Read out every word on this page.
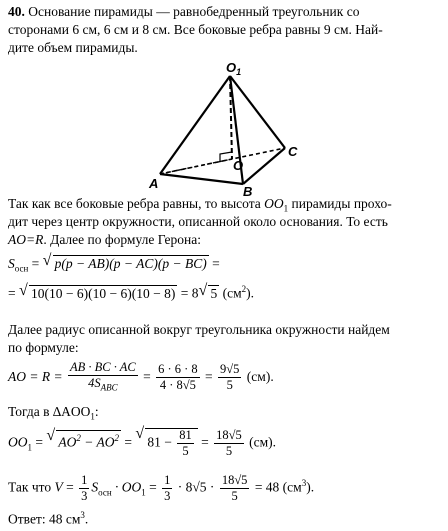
40. Основание пирамиды — равнобедренный треугольник со
сторонами 6 см, 6 см и 8 см. Все боковые ребра равны 9 см. Най-
дите объем пирамиды.
$O_1$
O
A
B
C
Так как все боковые ребра равны, то высота $OO_1$ пирамиды прохо-
дит через центр окружности, описанной около основания. То есть
AO=R. Далее по формуле Герона:
$S_{осн}$ = √ p(p − AB)(p − AC)(p − BC) =
= √ 10(10 − 6)(10 − 6)(10 − 8) = 8 √ 5 $(см^2)$.
Далее радиус описанной вокруг треугольника окружности найдем
по формуле:
AO = $R = \frac{AB \cdot BC \cdot AC}{4S_{ABC}} = \frac{6 \cdot 6 \cdot 8}{4 \cdot 8√5} = \frac{9√5}{5} (см)$.
Тогда в $\Delta AOO_1$:
$OO_1$ = √ $AO^2 - AO^2$ =
√
$81 - \frac{81}{5} = \frac{18√5}{5} (см)$.
Так что $V = \frac{1}{3} S_{осн} \cdot OO_1 = \frac{1}{3} \cdot 8√5 \cdot \frac{18√5}{5} = 48$ $(см^3)$.
Ответ: 48 $см^3$.
